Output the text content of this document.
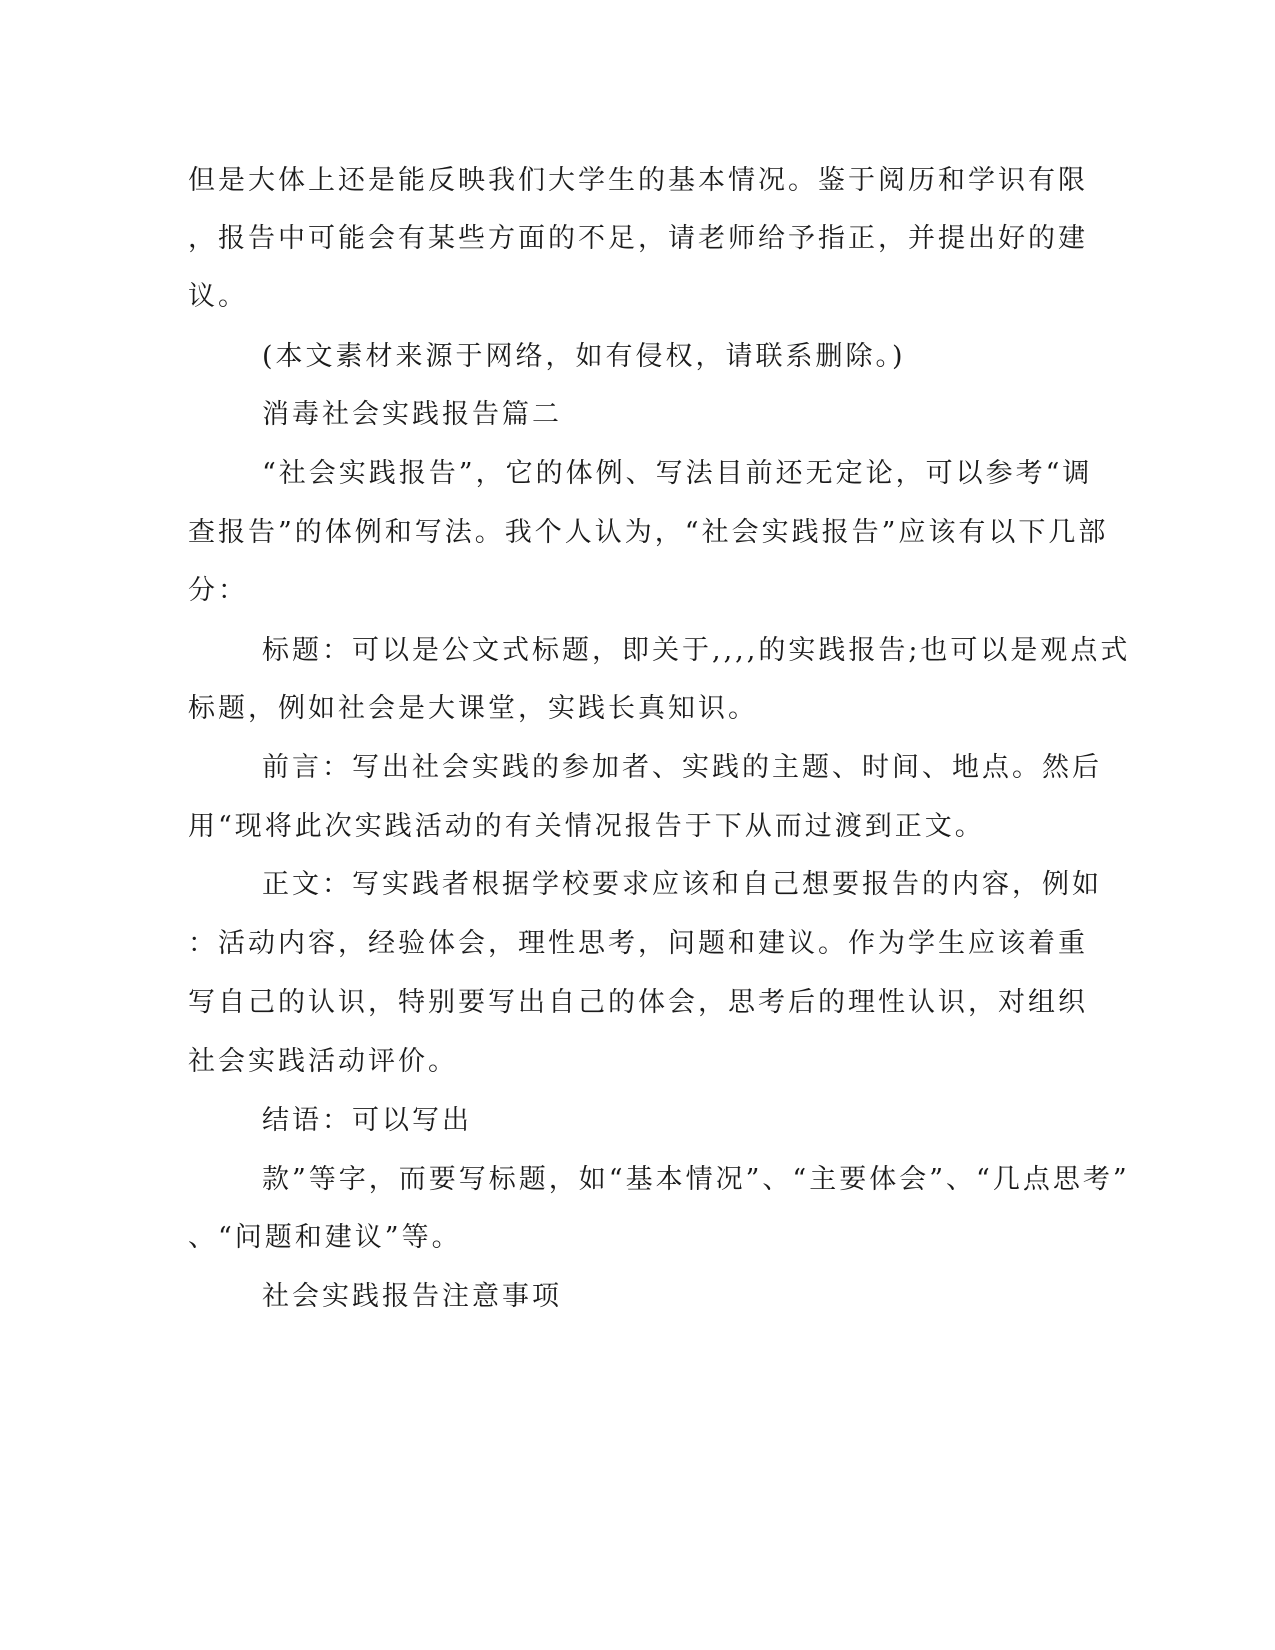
但是大体上还是能反映我们大学生的基本情况。鉴于阅历和学识有限
，报告中可能会有某些方面的不足，请老师给予指正，并提出好的建
议。
(本文素材来源于网络，如有侵权，请联系删除。)
消毒社会实践报告篇二
“社会实践报告”，它的体例、写法目前还无定论，可以参考“调
查报告”的体例和写法。我个人认为，“社会实践报告”应该有以下几部
分：
标题：可以是公文式标题，即关于,,,,的实践报告;也可以是观点式
标题，例如社会是大课堂，实践长真知识。
前言：写出社会实践的参加者、实践的主题、时间、地点。然后
用“现将此次实践活动的有关情况报告于下从而过渡到正文。
正文：写实践者根据学校要求应该和自己想要报告的内容，例如
：活动内容，经验体会，理性思考，问题和建议。作为学生应该着重
写自己的认识，特别要写出自己的体会，思考后的理性认识，对组织
社会实践活动评价。
结语：可以写出
款”等字，而要写标题，如“基本情况”、“主要体会”、“几点思考”
、“问题和建议”等。
社会实践报告注意事项
